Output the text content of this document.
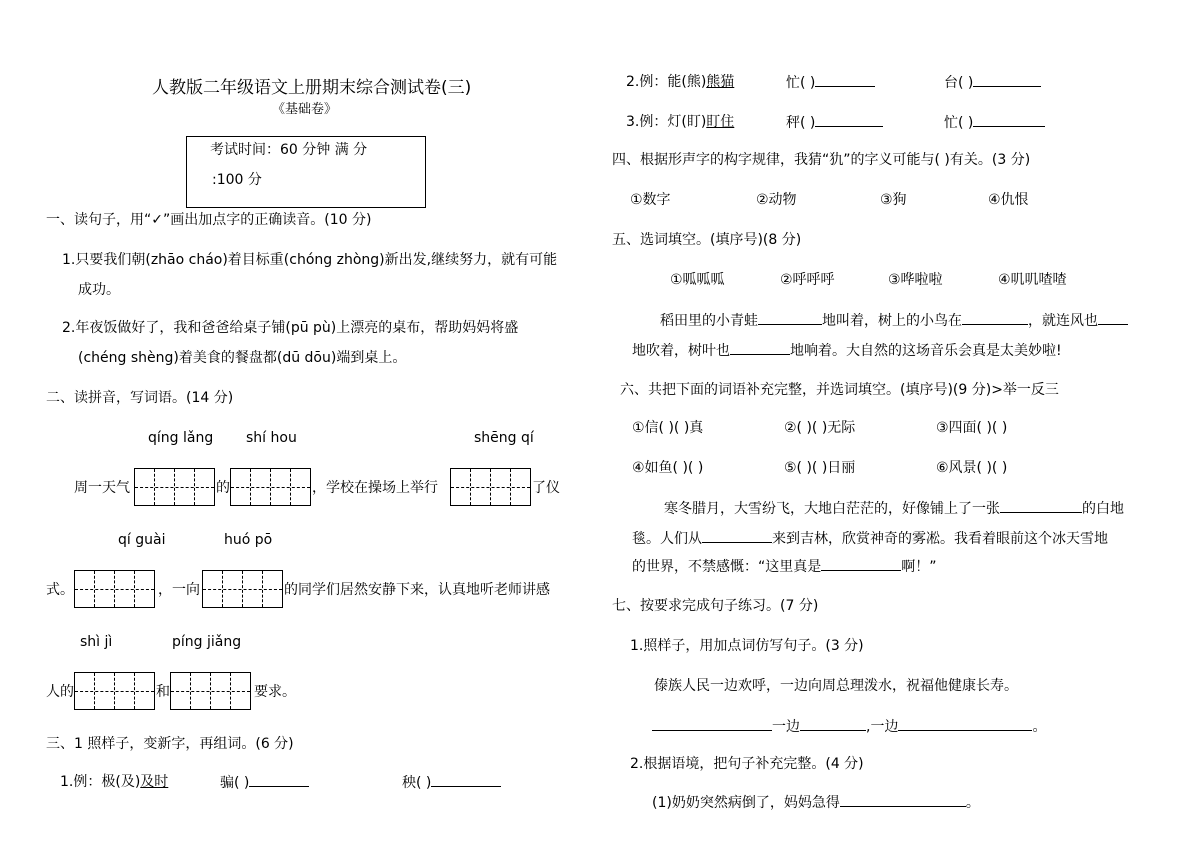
人教版二年级语文上册期末综合测试卷(三)
《基础卷》
考试时间：60 分钟 满 分
:100 分
一、读句子，用“✓”画出加点字的正确读音。(10 分)
1.只要我们朝(zhāo cháo)着目标重(chóng zhòng)新出发,继续努力，就有可能
成功。
2.年夜饭做好了，我和爸爸给桌子铺(pū pù)上漂亮的桌布，帮助妈妈将盛
(chéng shèng)着美食的餐盘都(dū dōu)端到桌上。
二、读拼音，写词语。(14 分)
qíng lǎng shí hou	shēng qí
周一天气	的	，学校在操场上举行	了仪
qí guài	huó pō
式。	，一向	的同学们居然安静下来，认真地听老师讲感
shì jì	píng jiǎng
人的	和	要求。
三、1 照样子，变新字，再组词。(6 分)
1.例：极(及)及时	骗( )	秧( )
2.例：能(熊)熊猫	忙( )	台( )
3.例：灯(盯)盯住	秤( )	忙( )
四、根据形声字的构字规律，我猜“犰”的字义可能与( )有关。(3 分)
①数字	②动物	③狗	④仇恨
五、选词填空。(填序号)(8 分)
①呱呱呱	②呼呼呼	③哗啦啦	④叽叽喳喳
稻田里的小青蛙	地叫着，树上的小鸟在	，就连风也
地吹着，树叶也	地响着。大自然的这场音乐会真是太美妙啦!
六、共把下面的词语补充完整，并选词填空。(填序号)(9 分)>举一反三
①信( )( )真	②( )( )无际	③四面( )( )
④如鱼( )( )	⑤( )( )日丽	⑥风景( )( )
寒冬腊月，大雪纷飞，大地白茫茫的，好像铺上了一张	的白地
毯。人们从	来到吉林，欣赏神奇的雾凇。我看着眼前这个冰天雪地
的世界，不禁感慨：“这里真是	啊！”
七、按要求完成句子练习。(7 分)
1.照样子，用加点词仿写句子。(3 分)
傣族人民一边欢呼，一边向周总理泼水，祝福他健康长寿。
一边	,一边	。
2.根据语境，把句子补充完整。(4 分)
(1)奶奶突然病倒了，妈妈急得	。
